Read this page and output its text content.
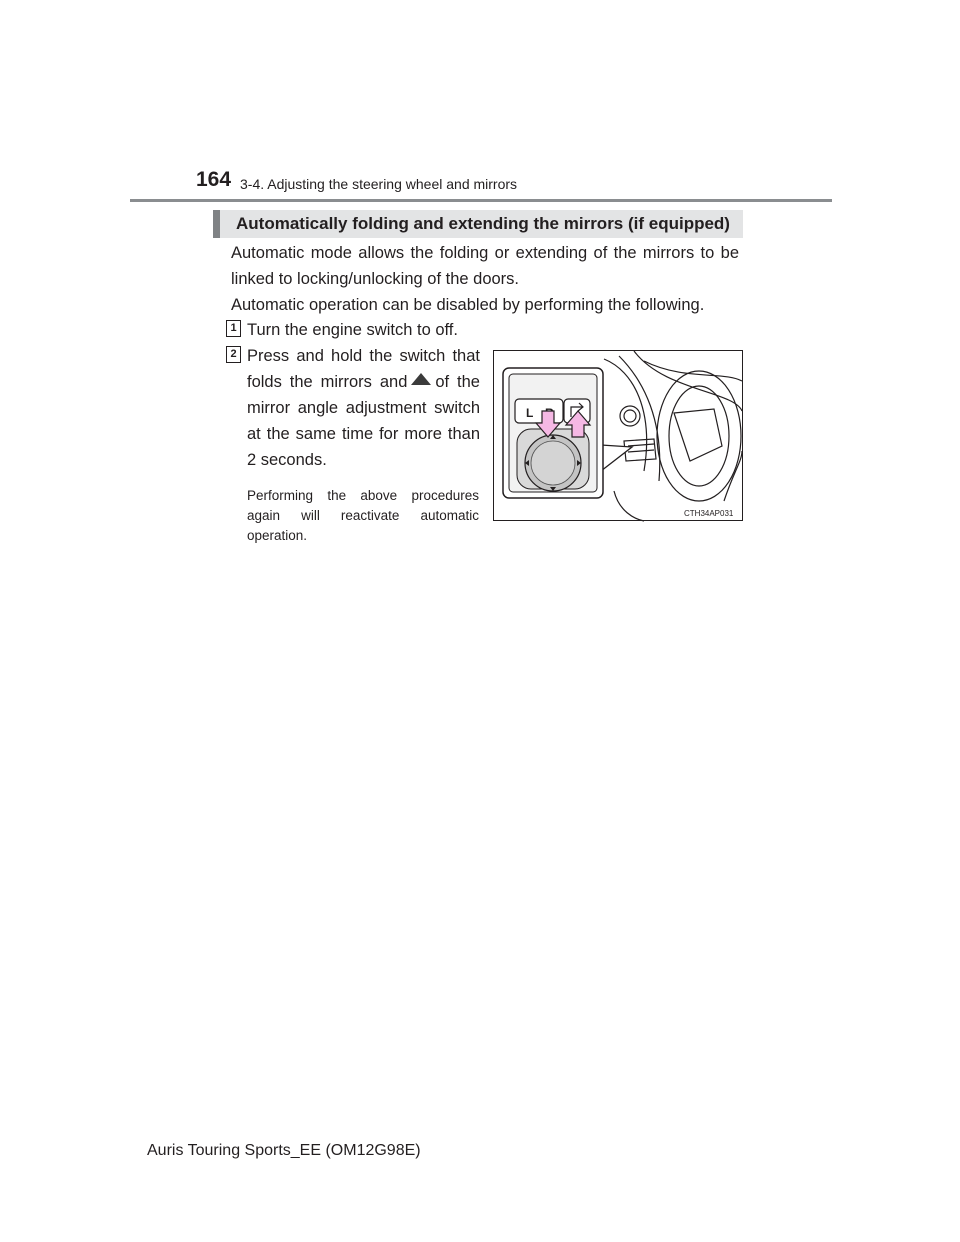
164 3-4. Adjusting the steering wheel and mirrors
Automatically folding and extending the mirrors (if equipped)
Automatic mode allows the folding or extending of the mirrors to be linked to locking/unlocking of the doors.
Automatic operation can be disabled by performing the following.
1 Turn the engine switch to off.
2 Press and hold the switch that folds the mirrors and of the mirror angle adjustment switch at the same time for more than 2 seconds.
Performing the above procedures again will reactivate automatic operation.
L
CTH34AP031
Auris Touring Sports_EE (OM12G98E)
